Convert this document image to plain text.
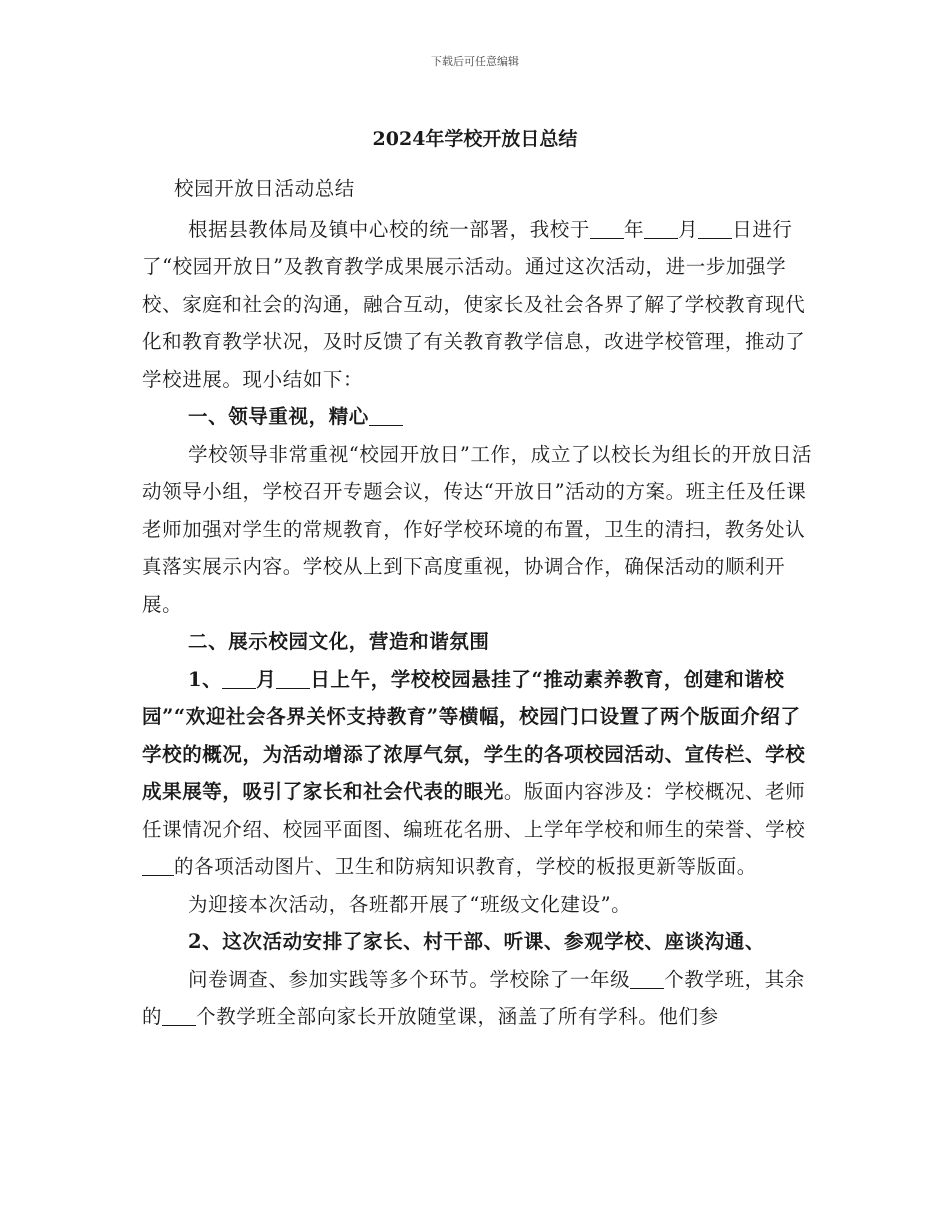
下载后可任意编辑
2024年学校开放日总结

校园开放日活动总结

根据县教体局及镇中心校的统一部署，我校于 年 月 日进行了“校园开放日”及教育教学成果展示活动。通过这次活动，进一步加强学校、家庭和社会的沟通，融合互动，使家长及社会各界了解了学校教育现代化和教育教学状况，及时反馈了有关教育教学信息，改进学校管理，推动了学校进展。现小结如下：

一、领导重视，精心

学校领导非常重视“校园开放日”工作，成立了以校长为组长的开放日活动领导小组，学校召开专题会议，传达“开放日”活动的方案。班主任及任课老师加强对学生的常规教育，作好学校环境的布置，卫生的清扫，教务处认真落实展示内容。学校从上到下高度重视，协调合作，确保活动的顺利开展。

二、展示校园文化，营造和谐氛围

1、 月 日上午，学校校园悬挂了“推动素养教育，创建和谐校园”“欢迎社会各界关怀支持教育”等横幅，校园门口设置了两个版面介绍了学校的概况，为活动增添了浓厚气氛，学生的各项校园活动、宣传栏、学校成果展等，吸引了家长和社会代表的眼光。版面内容涉及：学校概况、老师任课情况介绍、校园平面图、编班花名册、上学年学校和师生的荣誉、学校的各项活动图片、卫生和防病知识教育，学校的板报更新等版面。

为迎接本次活动，各班都开展了“班级文化建设”。

2、这次活动安排了家长、村干部、听课、参观学校、座谈沟通、

问卷调查、参加实践等多个环节。学校除了一年级 个教学班，其余的 个教学班全部向家长开放随堂课，涵盖了所有学科。他们参
